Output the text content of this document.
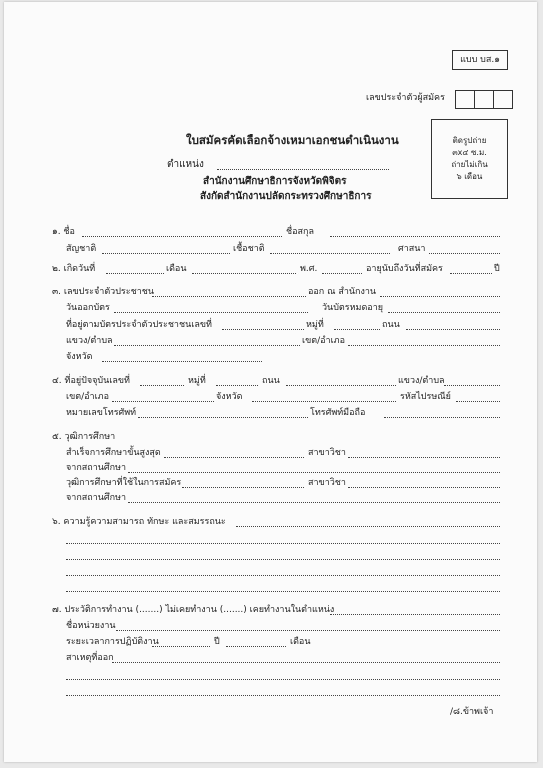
แบบ บส.๑
เลขประจำตัวผู้สมัคร
ติดรูปถ่าย
๓x๔ ซ.ม.
ถ่ายไม่เกิน
๖ เดือน
ใบสมัครคัดเลือกจ้างเหมาเอกชนดำเนินงาน
ตำแหน่ง
สำนักงานศึกษาธิการจังหวัดพิจิตร
สังกัดสำนักงานปลัดกระทรวงศึกษาธิการ
๑. ชื่อ	ชื่อสกุล
สัญชาติ	เชื้อชาติ	ศาสนา
๒. เกิดวันที่	เดือน	พ.ศ.	อายุนับถึงวันที่สมัคร	ปี
๓. เลขประจำตัวประชาชน	ออก ณ สำนักงาน
วันออกบัตร	วันบัตรหมดอายุ
ที่อยู่ตามบัตรประจำตัวประชาชนเลขที่	หมู่ที่	ถนน
แขวง/ตำบล	เขต/อำเภอ
จังหวัด
๔. ที่อยู่ปัจจุบันเลขที่	หมู่ที่	ถนน	แขวง/ตำบล
เขต/อำเภอ	จังหวัด	รหัสไปรษณีย์
หมายเลขโทรศัพท์	โทรศัพท์มือถือ
๕. วุฒิการศึกษา
สำเร็จการศึกษาขั้นสูงสุด	สาขาวิชา
จากสถานศึกษา
วุฒิการศึกษาที่ใช้ในการสมัคร	สาขาวิชา
จากสถานศึกษา
๖. ความรู้ความสามารถ ทักษะ และสมรรถนะ
๗. ประวัติการทำงาน (.......) ไม่เคยทำงาน (.......) เคยทำงานในตำแหน่ง
ชื่อหน่วยงาน
ระยะเวลาการปฏิบัติงาน	ปี	เดือน
สาเหตุที่ออก
/๘.ข้าพเจ้า
